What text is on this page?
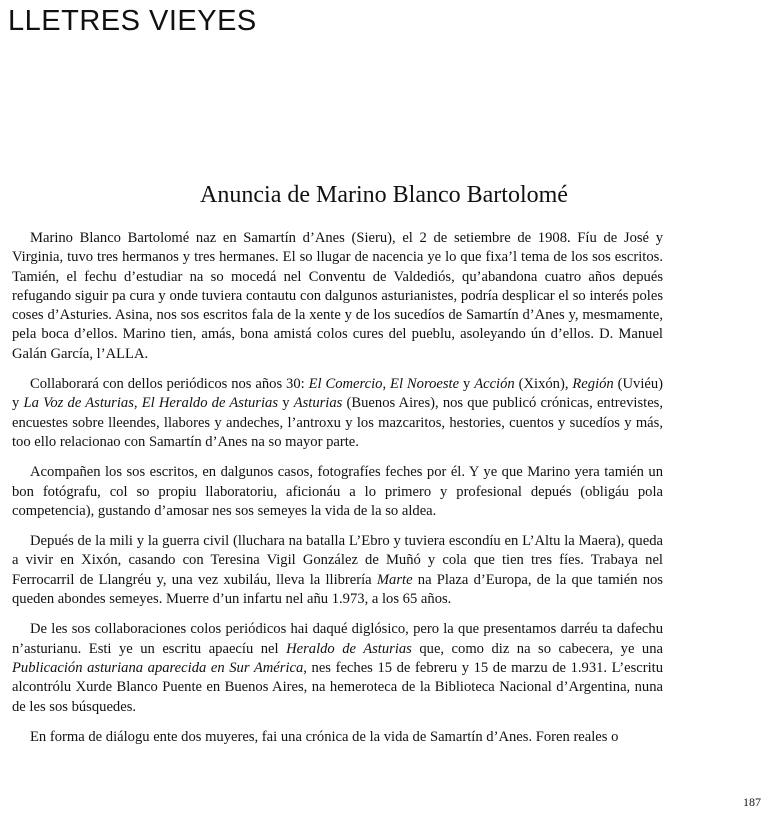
LLETRES VIEYES
Anuncia de Marino Blanco Bartolomé

Marino Blanco Bartolomé naz en Samartín d’Anes (Sieru), el 2 de setiembre de 1908. Fíu de José y Virginia, tuvo tres hermanos y tres hermanes. El so llugar de nacencia ye lo que fixa’l tema de los sos escritos. Tamién, el fechu d’estudiar na so mocedá nel Conventu de Valdediós, qu’abandona cuatro años depués refugando siguir pa cura y onde tuviera contautu con dalgunos asturianistes, podría desplicar el so interés poles coses d’Asturies. Asina, nos sos escritos fala de la xente y de los sucedíos de Samartín d’Anes y, mesmamente, pela boca d’ellos. Marino tien, amás, bona amistá colos cures del pueblu, asoleyando ún d’ellos. D. Manuel Galán García, l’ALLA.

Collaborará con dellos periódicos nos años 30: El Comercio, El Noroeste y Acción (Xixón), Región (Uviéu) y La Voz de Asturias, El Heraldo de Asturias y Asturias (Buenos Aires), nos que publicó crónicas, entrevistes, encuestes sobre lleendes, llabores y andeches, l’antroxu y los mazcaritos, hestories, cuentos y sucedíos y más, too ello relacionao con Samartín d’Anes na so mayor parte.

Acompañen los sos escritos, en dalgunos casos, fotografíes feches por él. Y ye que Marino yera tamién un bon fotógrafu, col so propiu llaboratoriu, aficionáu a lo primero y profesional depués (obligáu pola competencia), gustando d’amosar nes sos semeyes la vida de la so aldea.

Depués de la mili y la guerra civil (llucharа na batalla L’Ebro y tuviera escondíu en L’Altu la Maera), queda a vivir en Xixón, casando con Teresina Vigil González de Muñó y cola que tien tres fíes. Trabaya nel Ferrocarril de Llangréu y, una vez xubiláu, lleva la llibrería Marte na Plaza d’Europa, de la que tamién nos queden abondes semeyes. Muerre d’un infartu nel añu 1.973, a los 65 años.

De les sos collaboraciones colos periódicos hai daqué diglósico, pero la que presentamos darréu ta dafechu n’asturianu. Esti ye un escritu apaecíu nel Heraldo de Asturias que, como diz na so cabecera, ye una Publicación asturiana aparecida en Sur América, nes feches 15 de febreru y 15 de marzu de 1.931. L’escritu alcontrólu Xurde Blanco Puente en Buenos Aires, na hemeroteca de la Biblioteca Nacional d’Argentina, nuna de les sos búsquedes.

En forma de diálogu ente dos muyeres, fai una crónica de la vida de Samartín d’Anes. Foren reales o

187
